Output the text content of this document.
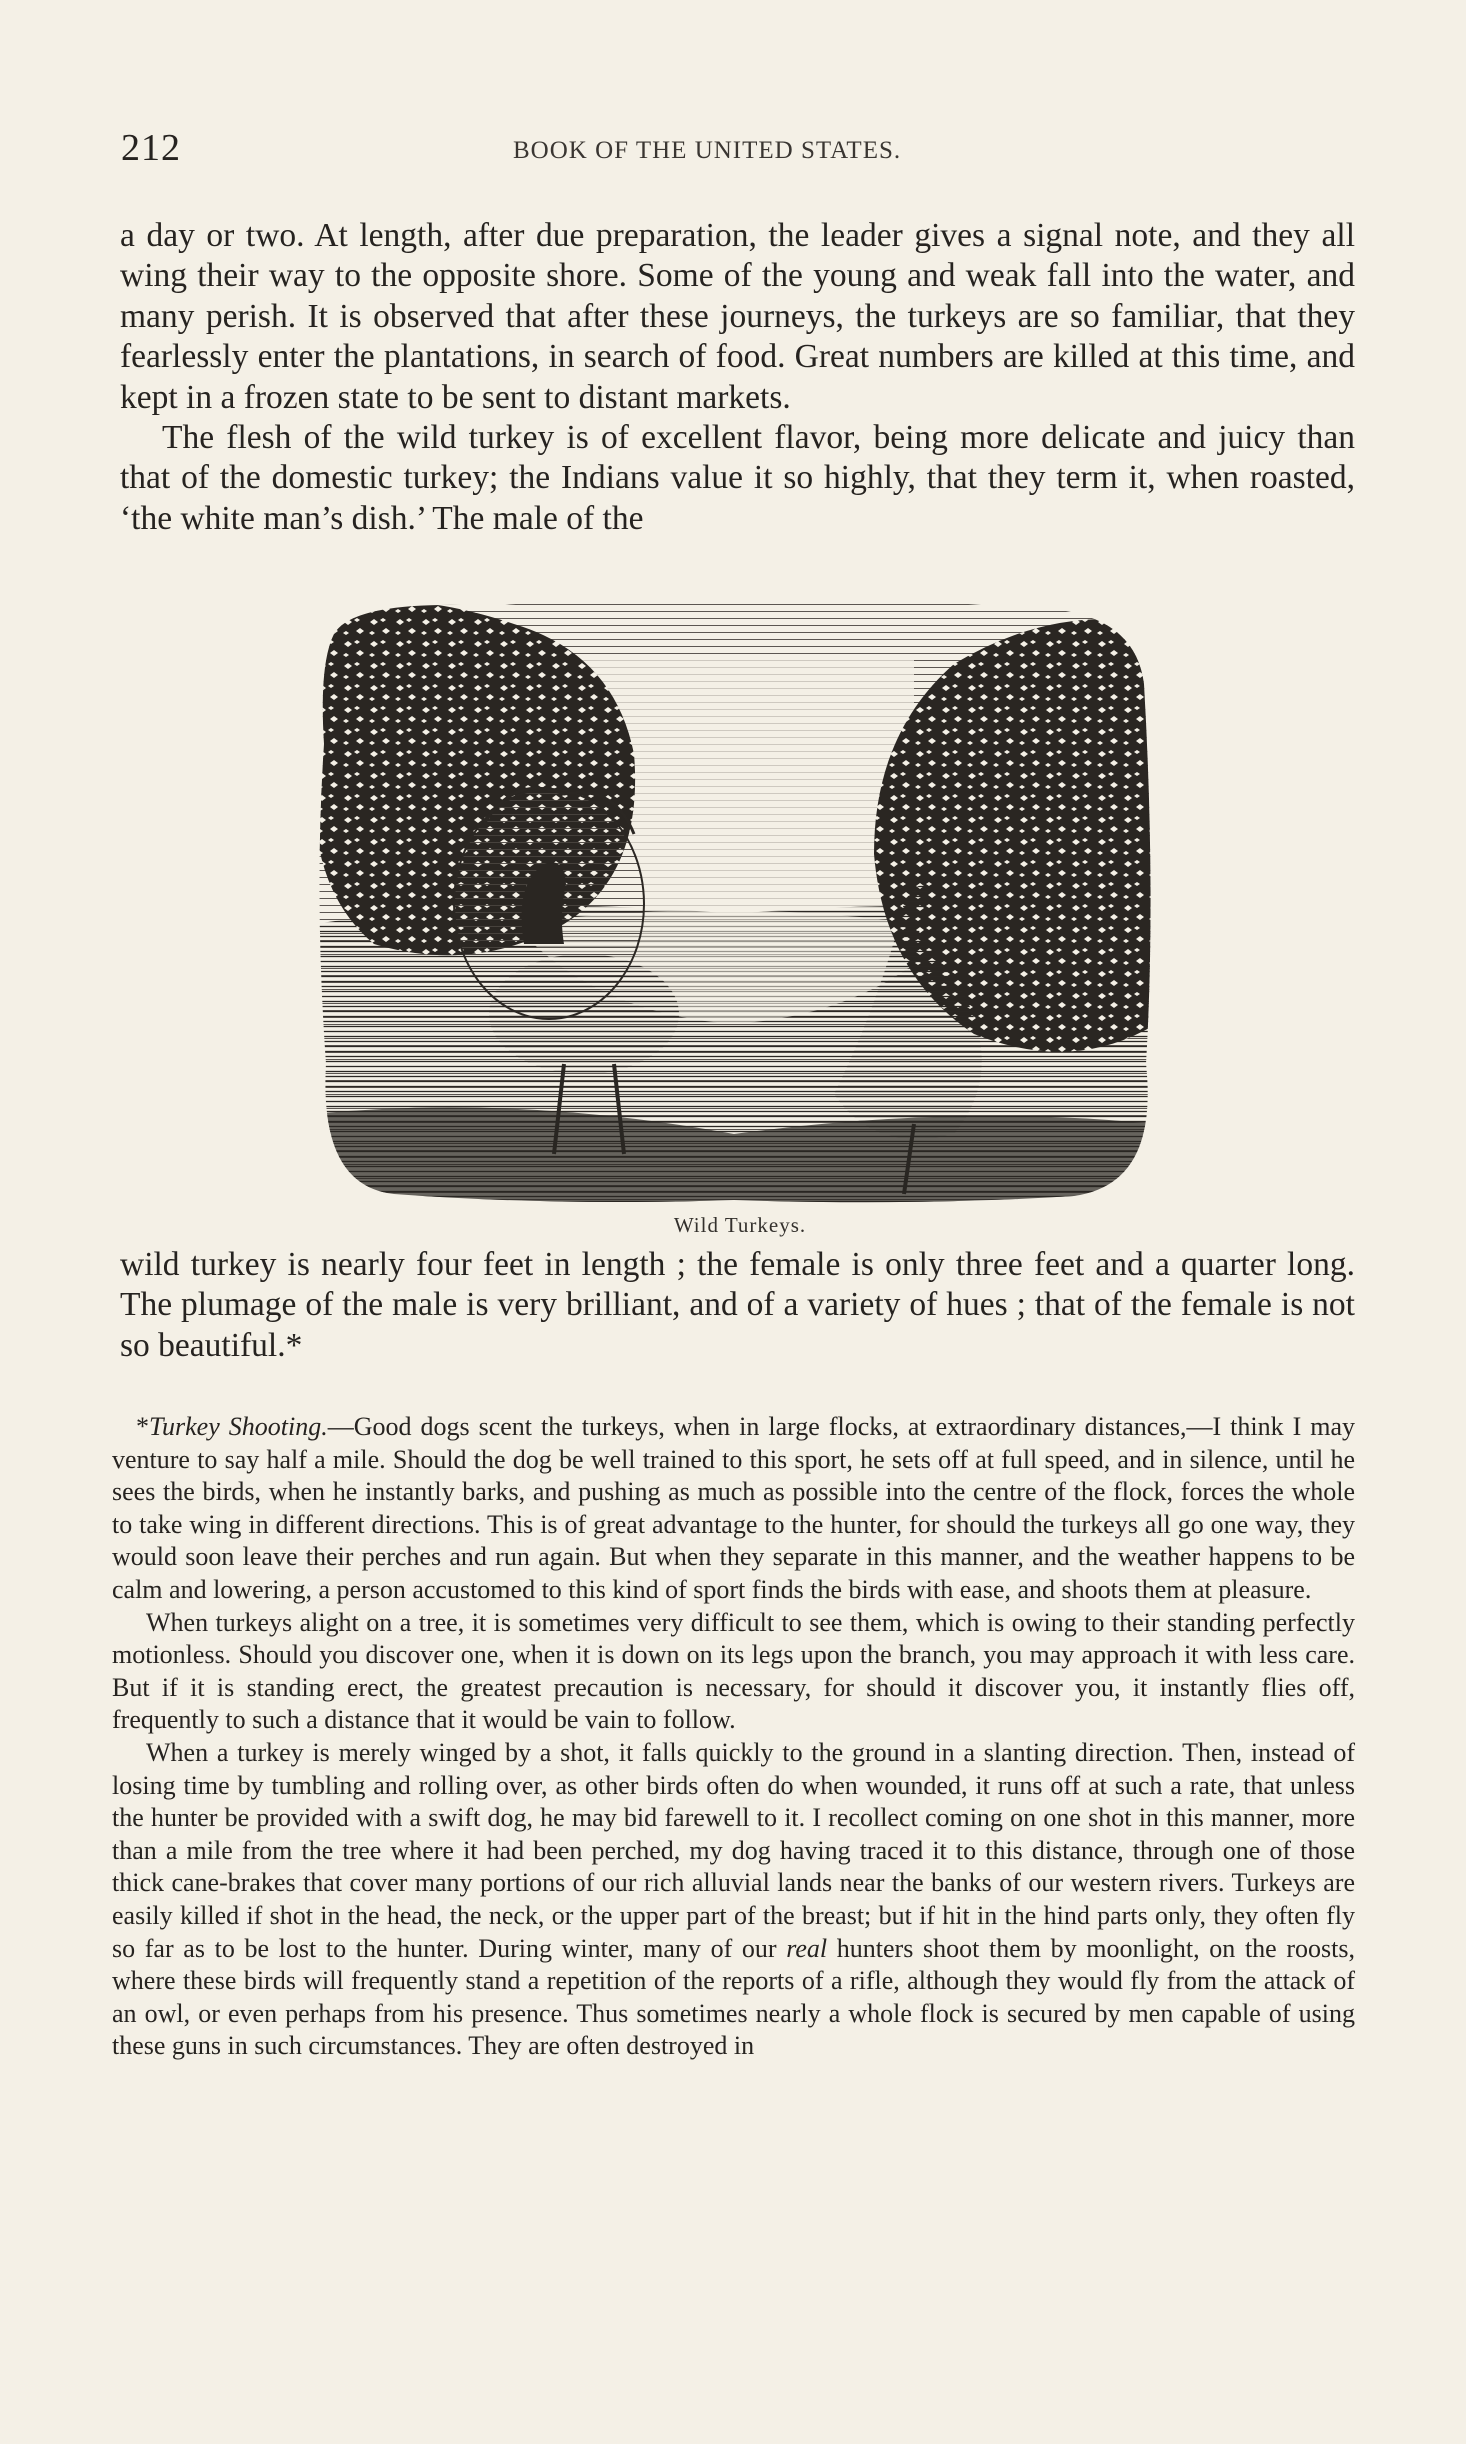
212	BOOK OF THE UNITED STATES.

a day or two. At length, after due preparation, the leader gives a signal note, and they all wing their way to the opposite shore. Some of the young and weak fall into the water, and many perish. It is observed that after these journeys, the turkeys are so familiar, that they fearlessly enter the plantations, in search of food. Great numbers are killed at this time, and kept in a frozen state to be sent to distant markets.

The flesh of the wild turkey is of excellent flavor, being more delicate and juicy than that of the domestic turkey; the Indians value it so highly, that they term it, when roasted, ‘the white man’s dish.’ The male of the

Wild Turkeys.

wild turkey is nearly four feet in length ; the female is only three feet and a quarter long. The plumage of the male is very brilliant, and of a variety of hues ; that of the female is not so beautiful.*

*Turkey Shooting.—Good dogs scent the turkeys, when in large flocks, at extraordinary distances,—I think I may venture to say half a mile. Should the dog be well trained to this sport, he sets off at full speed, and in silence, until he sees the birds, when he instantly barks, and pushing as much as possible into the centre of the flock, forces the whole to take wing in different directions. This is of great advantage to the hunter, for should the turkeys all go one way, they would soon leave their perches and run again. But when they separate in this manner, and the weather happens to be calm and lowering, a person accustomed to this kind of sport finds the birds with ease, and shoots them at pleasure.

When turkeys alight on a tree, it is sometimes very difficult to see them, which is owing to their standing perfectly motionless. Should you discover one, when it is down on its legs upon the branch, you may approach it with less care. But if it is standing erect, the greatest precaution is necessary, for should it discover you, it instantly flies off, frequently to such a distance that it would be vain to follow.

When a turkey is merely winged by a shot, it falls quickly to the ground in a slanting direction. Then, instead of losing time by tumbling and rolling over, as other birds often do when wounded, it runs off at such a rate, that unless the hunter be provided with a swift dog, he may bid farewell to it. I recollect coming on one shot in this manner, more than a mile from the tree where it had been perched, my dog having traced it to this distance, through one of those thick cane-brakes that cover many portions of our rich alluvial lands near the banks of our western rivers. Turkeys are easily killed if shot in the head, the neck, or the upper part of the breast; but if hit in the hind parts only, they often fly so far as to be lost to the hunter. During winter, many of our real hunters shoot them by moonlight, on the roosts, where these birds will frequently stand a repetition of the reports of a rifle, although they would fly from the attack of an owl, or even perhaps from his presence. Thus sometimes nearly a whole flock is secured by men capable of using these guns in such circumstances. They are often destroyed in
